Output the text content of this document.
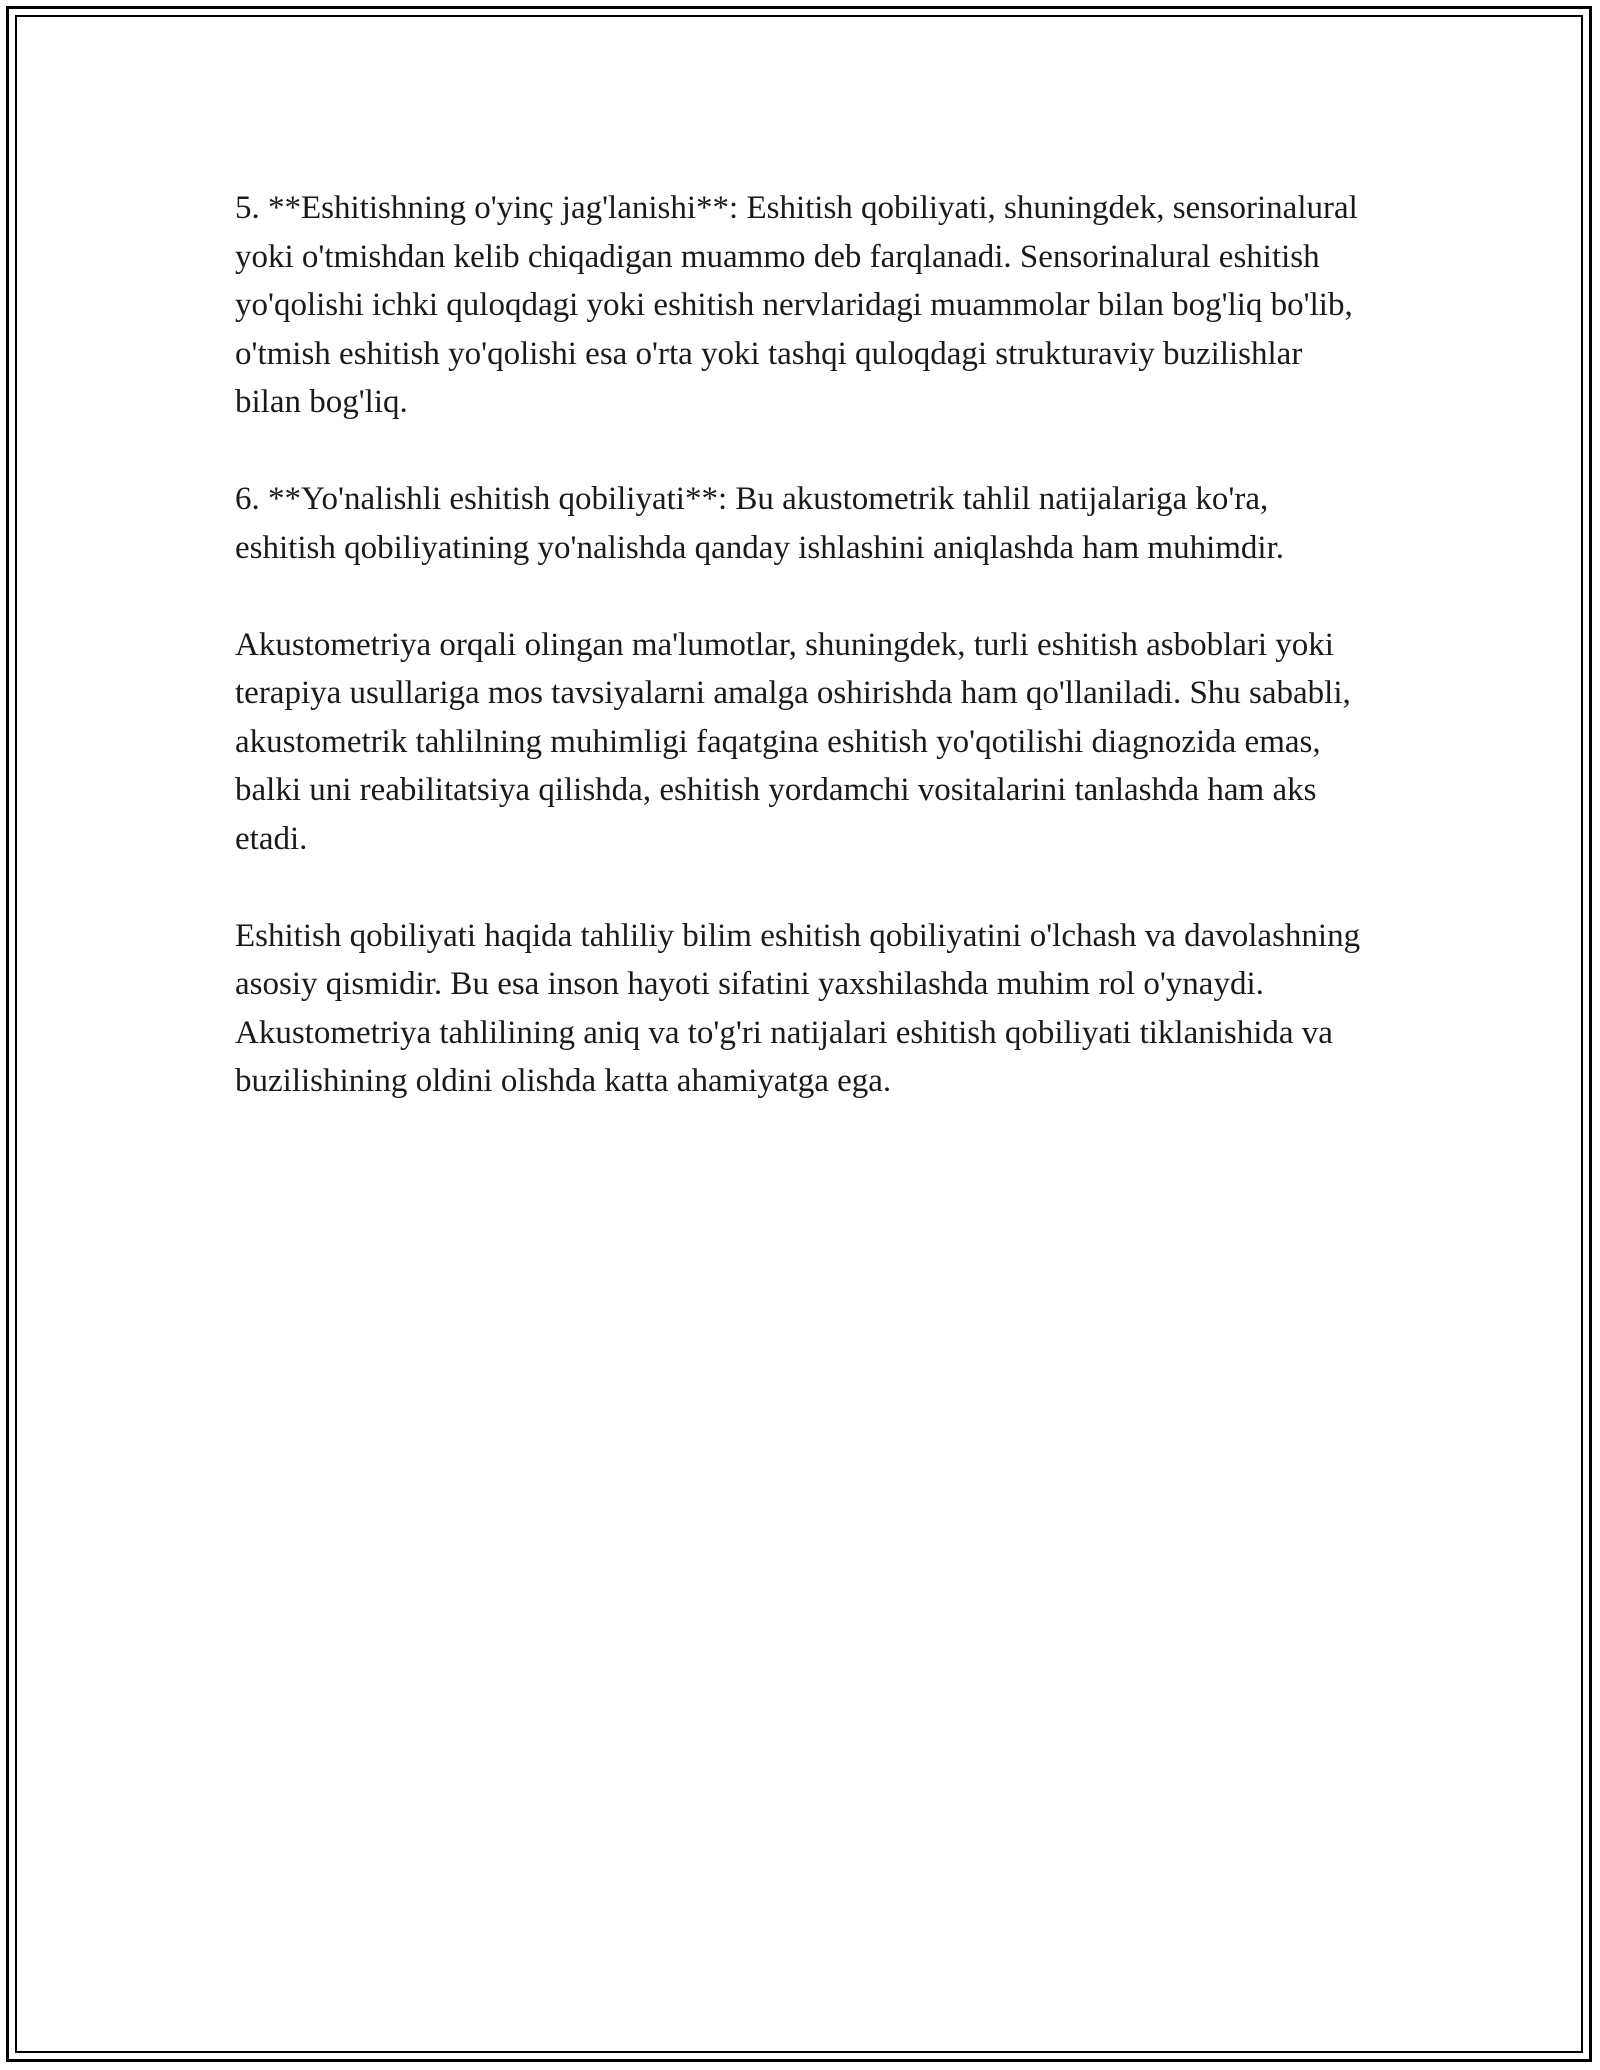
5. **Eshitishning o'yinç jag'lanishi**: Eshitish qobiliyati, shuningdek, sensorinalural yoki o'tmishdan kelib chiqadigan muammo deb farqlanadi. Sensorinalural eshitish yo'qolishi ichki quloqdagi yoki eshitish nervlaridagi muammolar bilan bog'liq bo'lib, o'tmish eshitish yo'qolishi esa o'rta yoki tashqi quloqdagi strukturaviy buzilishlar bilan bog'liq.

6. **Yo'nalishli eshitish qobiliyati**: Bu akustometrik tahlil natijalariga ko'ra, eshitish qobiliyatining yo'nalishda qanday ishlashini aniqlashda ham muhimdir.

Akustometriya orqali olingan ma'lumotlar, shuningdek, turli eshitish asboblari yoki terapiya usullariga mos tavsiyalarni amalga oshirishda ham qo'llaniladi. Shu sababli, akustometrik tahlilning muhimligi faqatgina eshitish yo'qotilishi diagnozida emas, balki uni reabilitatsiya qilishda, eshitish yordamchi vositalarini tanlashda ham aks etadi.

Eshitish qobiliyati haqida tahliliy bilim eshitish qobiliyatini o'lchash va davolashning asosiy qismidir. Bu esa inson hayoti sifatini yaxshilashda muhim rol o'ynaydi. Akustometriya tahlilining aniq va to'g'ri natijalari eshitish qobiliyati tiklanishida va buzilishining oldini olishda katta ahamiyatga ega.
